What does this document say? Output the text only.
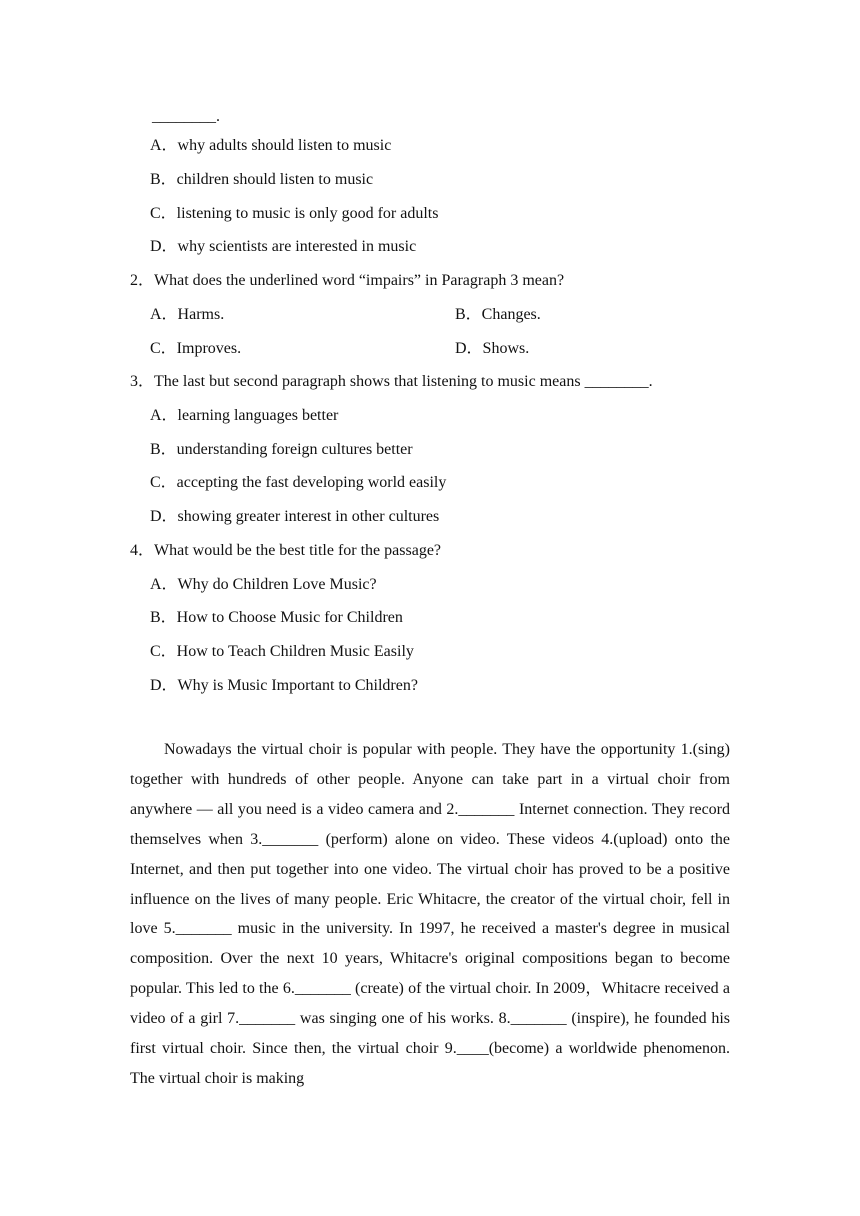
________.
A．why adults should listen to music
B．children should listen to music
C．listening to music is only good for adults
D．why scientists are interested in music
2．What does the underlined word “impairs” in Paragraph 3 mean?
A．Harms.	B．Changes.
C．Improves.	D．Shows.
3．The last but second paragraph shows that listening to music means ________.
A．learning languages better
B．understanding foreign cultures better
C．accepting the fast developing world easily
D．showing greater interest in other cultures
4．What would be the best title for the passage?
A．Why do Children Love Music?
B．How to Choose Music for Children
C．How to Teach Children Music Easily
D．Why is Music Important to Children?
Nowadays the virtual choir is popular with people. They have the opportunity 1.(sing) together with hundreds of other people. Anyone can take part in a virtual choir from anywhere — all you need is a video camera and 2._______ Internet connection. They record themselves when 3._______ (perform) alone on video. These videos 4.(upload) onto the Internet, and then put together into one video. The virtual choir has proved to be a positive influence on the lives of many people. Eric Whitacre, the creator of the virtual choir, fell in love 5._______ music in the university. In 1997, he received a master's degree in musical composition. Over the next 10 years, Whitacre's original compositions began to become popular. This led to the 6._______ (create) of the virtual choir. In 2009，Whitacre received a video of a girl 7._______ was singing one of his works. 8._______ (inspire), he founded his first virtual choir. Since then, the virtual choir 9.____(become) a worldwide phenomenon. The virtual choir is making
